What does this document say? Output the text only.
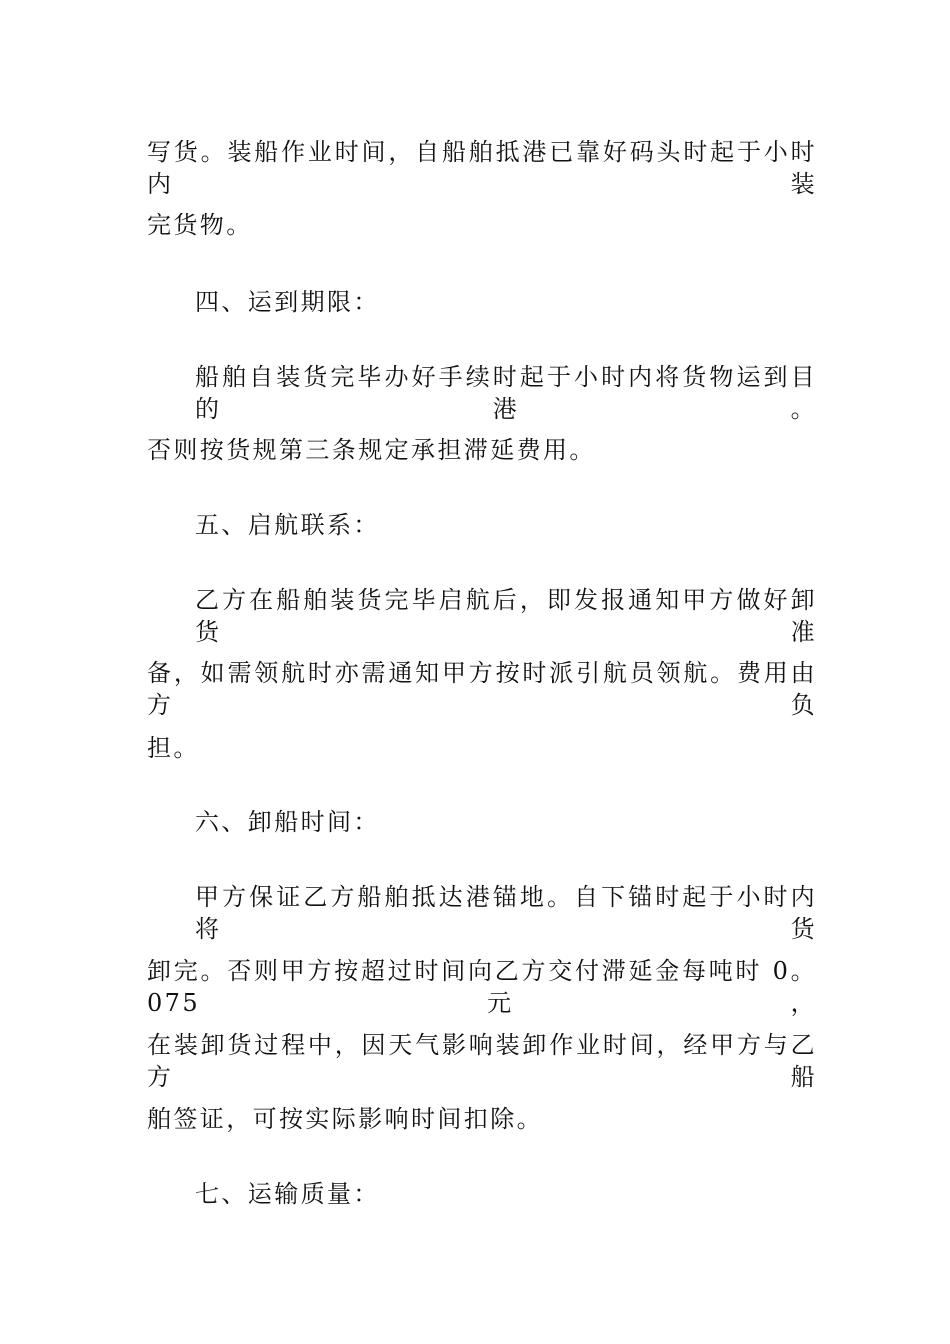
写货。装船作业时间，自船舶抵港已靠好码头时起于小时内装
完货物。
四、运到期限：
船舶自装货完毕办好手续时起于小时内将货物运到目的港。
否则按货规第三条规定承担滞延费用。
五、启航联系：
乙方在船舶装货完毕启航后，即发报通知甲方做好卸货准
备，如需领航时亦需通知甲方按时派引航员领航。费用由方负
担。
六、卸船时间：
甲方保证乙方船舶抵达港锚地。自下锚时起于小时内将货
卸完。否则甲方按超过时间向乙方交付滞延金每吨时 0。075 元，
在装卸货过程中，因天气影响装卸作业时间，经甲方与乙方船
舶签证，可按实际影响时间扣除。
七、运输质量：
